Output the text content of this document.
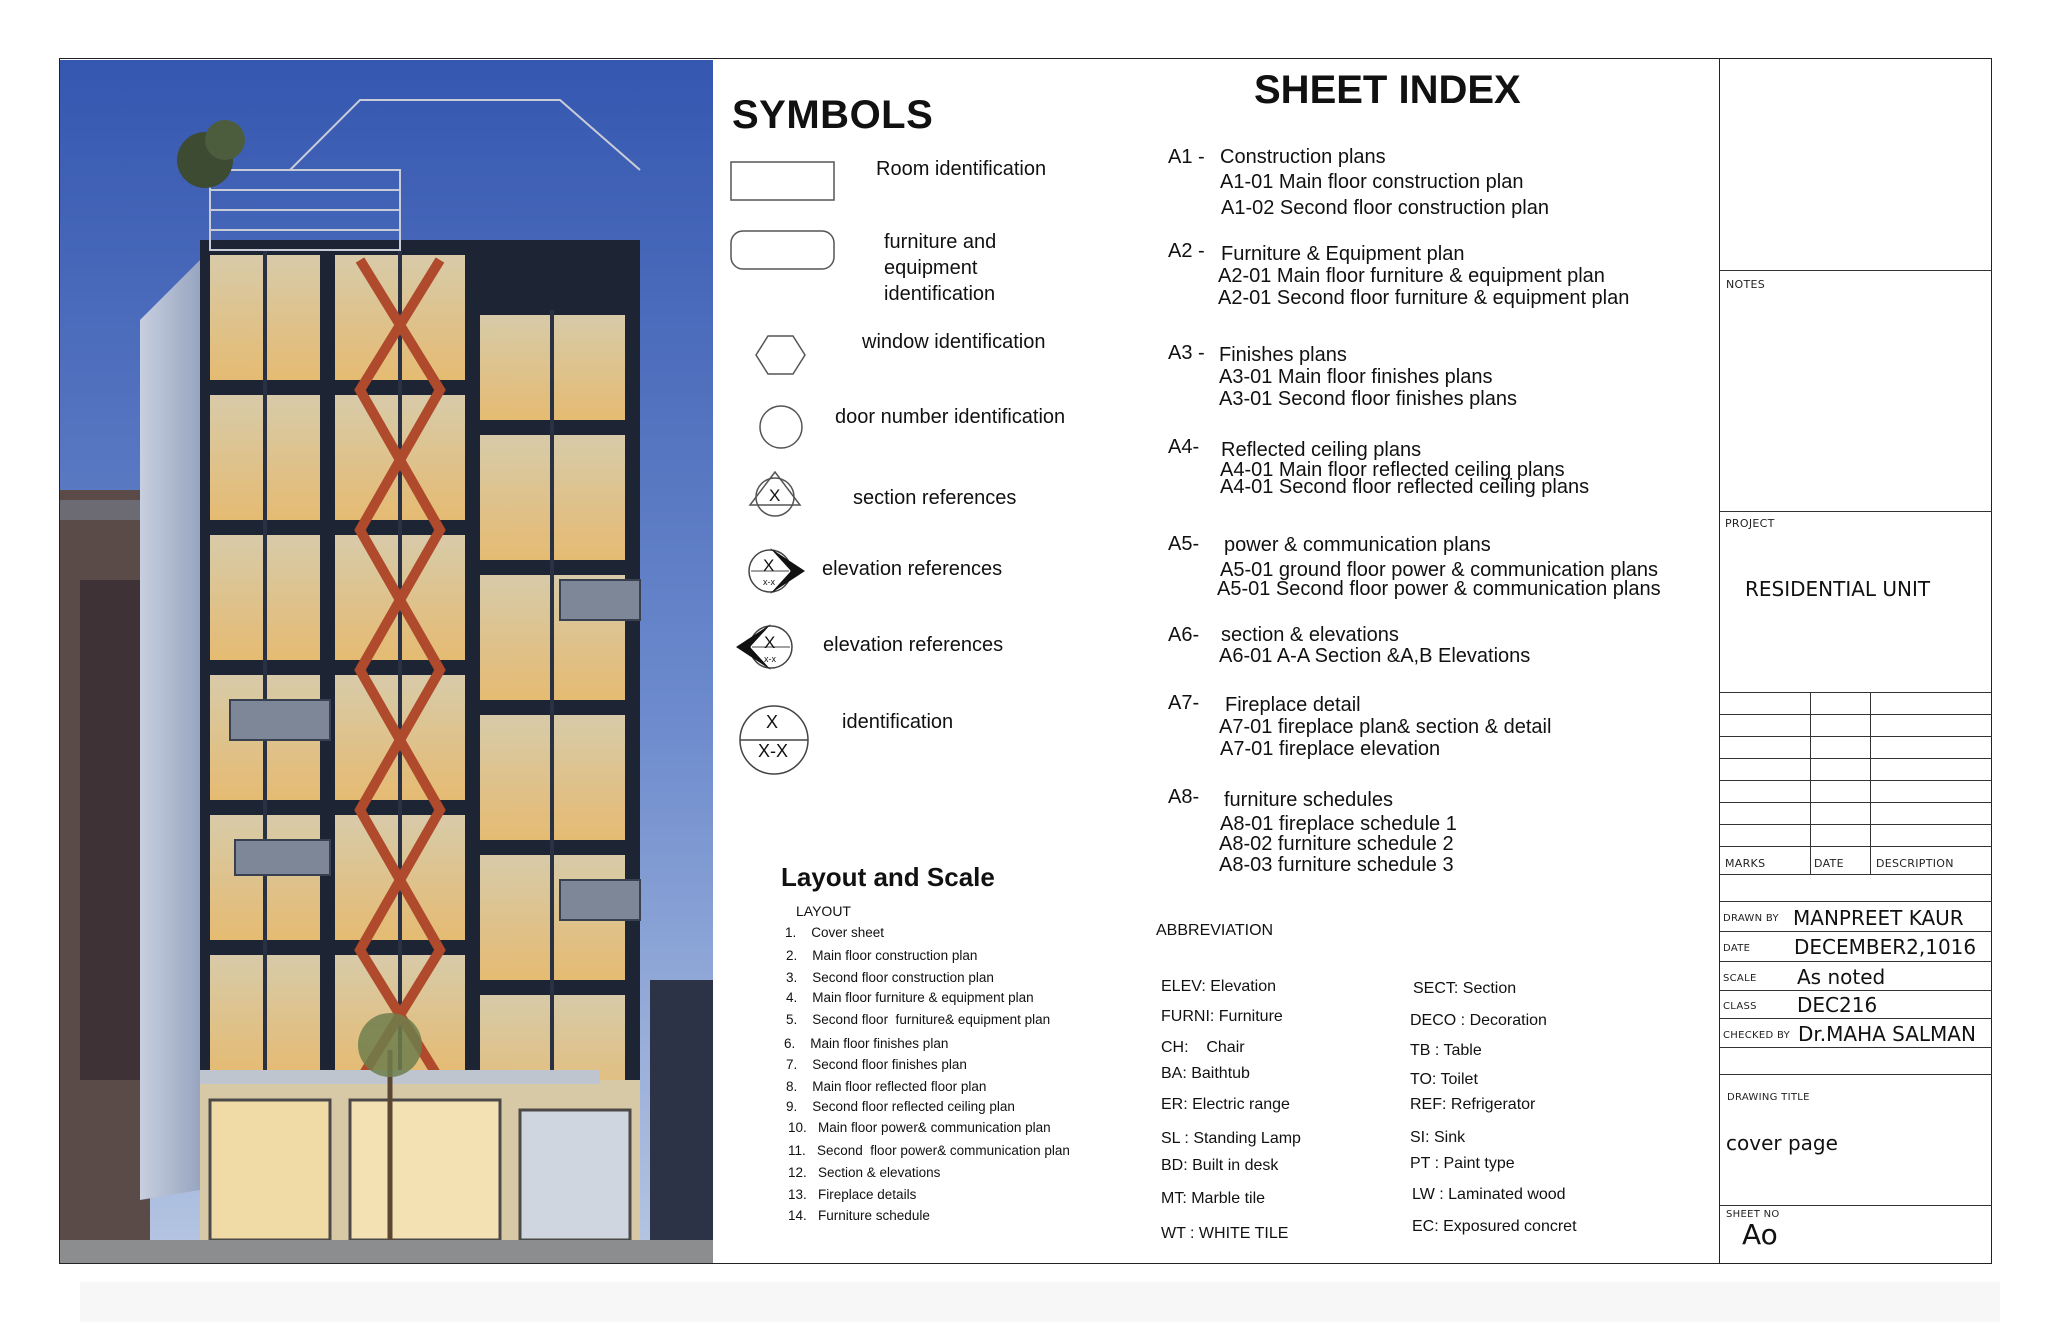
SYMBOLS
X
X
x-x
X
x-x
X
X-X
Room identification
furniture and
equipment
identification
window identification
door number identification
section references
elevation references
elevation references
identification
SHEET INDEX
A1 - Construction plans
A1-01 Main floor construction plan
A1-02 Second floor construction plan
A2 - Furniture & Equipment plan
A2-01 Main floor furniture & equipment plan
A2-01 Second floor furniture & equipment plan
A3 - Finishes plans
A3-01 Main floor finishes plans
A3-01 Second floor finishes plans
A4- Reflected ceiling plans
A4-01 Main floor reflected ceiling plans
A4-01 Second floor reflected ceiling plans
A5- power & communication plans
A5-01 ground floor power & communication plans
A5-01 Second floor power & communication plans
A6- section & elevations
A6-01 A-A Section &A,B Elevations
A7- Fireplace detail
A7-01 fireplace plan& section & detail
A7-01 fireplace elevation
A8- furniture schedules
A8-01 fireplace schedule 1
A8-02 furniture schedule 2
A8-03 furniture schedule 3
Layout and Scale
LAYOUT
1.    Cover sheet
2.    Main floor construction plan
3.    Second floor construction plan
4.    Main floor furniture & equipment plan
5.    Second floor  furniture& equipment plan
6.    Main floor finishes plan
7.    Second floor finishes plan
8.    Main floor reflected floor plan
9.    Second floor reflected ceiling plan
10.   Main floor power& communication plan
11.   Second  floor power& communication plan
12.   Section & elevations
13.   Fireplace details
14.   Furniture schedule
ABBREVIATION
ELEV: Elevation
FURNI: Furniture
CH:    Chair
BA: Baithtub
ER: Electric range
SL : Standing Lamp
BD: Built in desk
MT: Marble tile
WT : WHITE TILE
SECT: Section
DECO : Decoration
TB : Table
TO: Toilet
REF: Refrigerator
SI: Sink
PT : Paint type
LW : Laminated wood
EC: Exposured concret
NOTES
PROJECT
RESIDENTIAL UNIT
MARKS	DATE	DESCRIPTION
DRAWN BY MANPREET KAUR
DATE DECEMBER2,1016
SCALE As noted
CLASS DEC216
CHECKED BY Dr.MAHA SALMAN
DRAWING TITLE
cover page
SHEET NO
Ao
